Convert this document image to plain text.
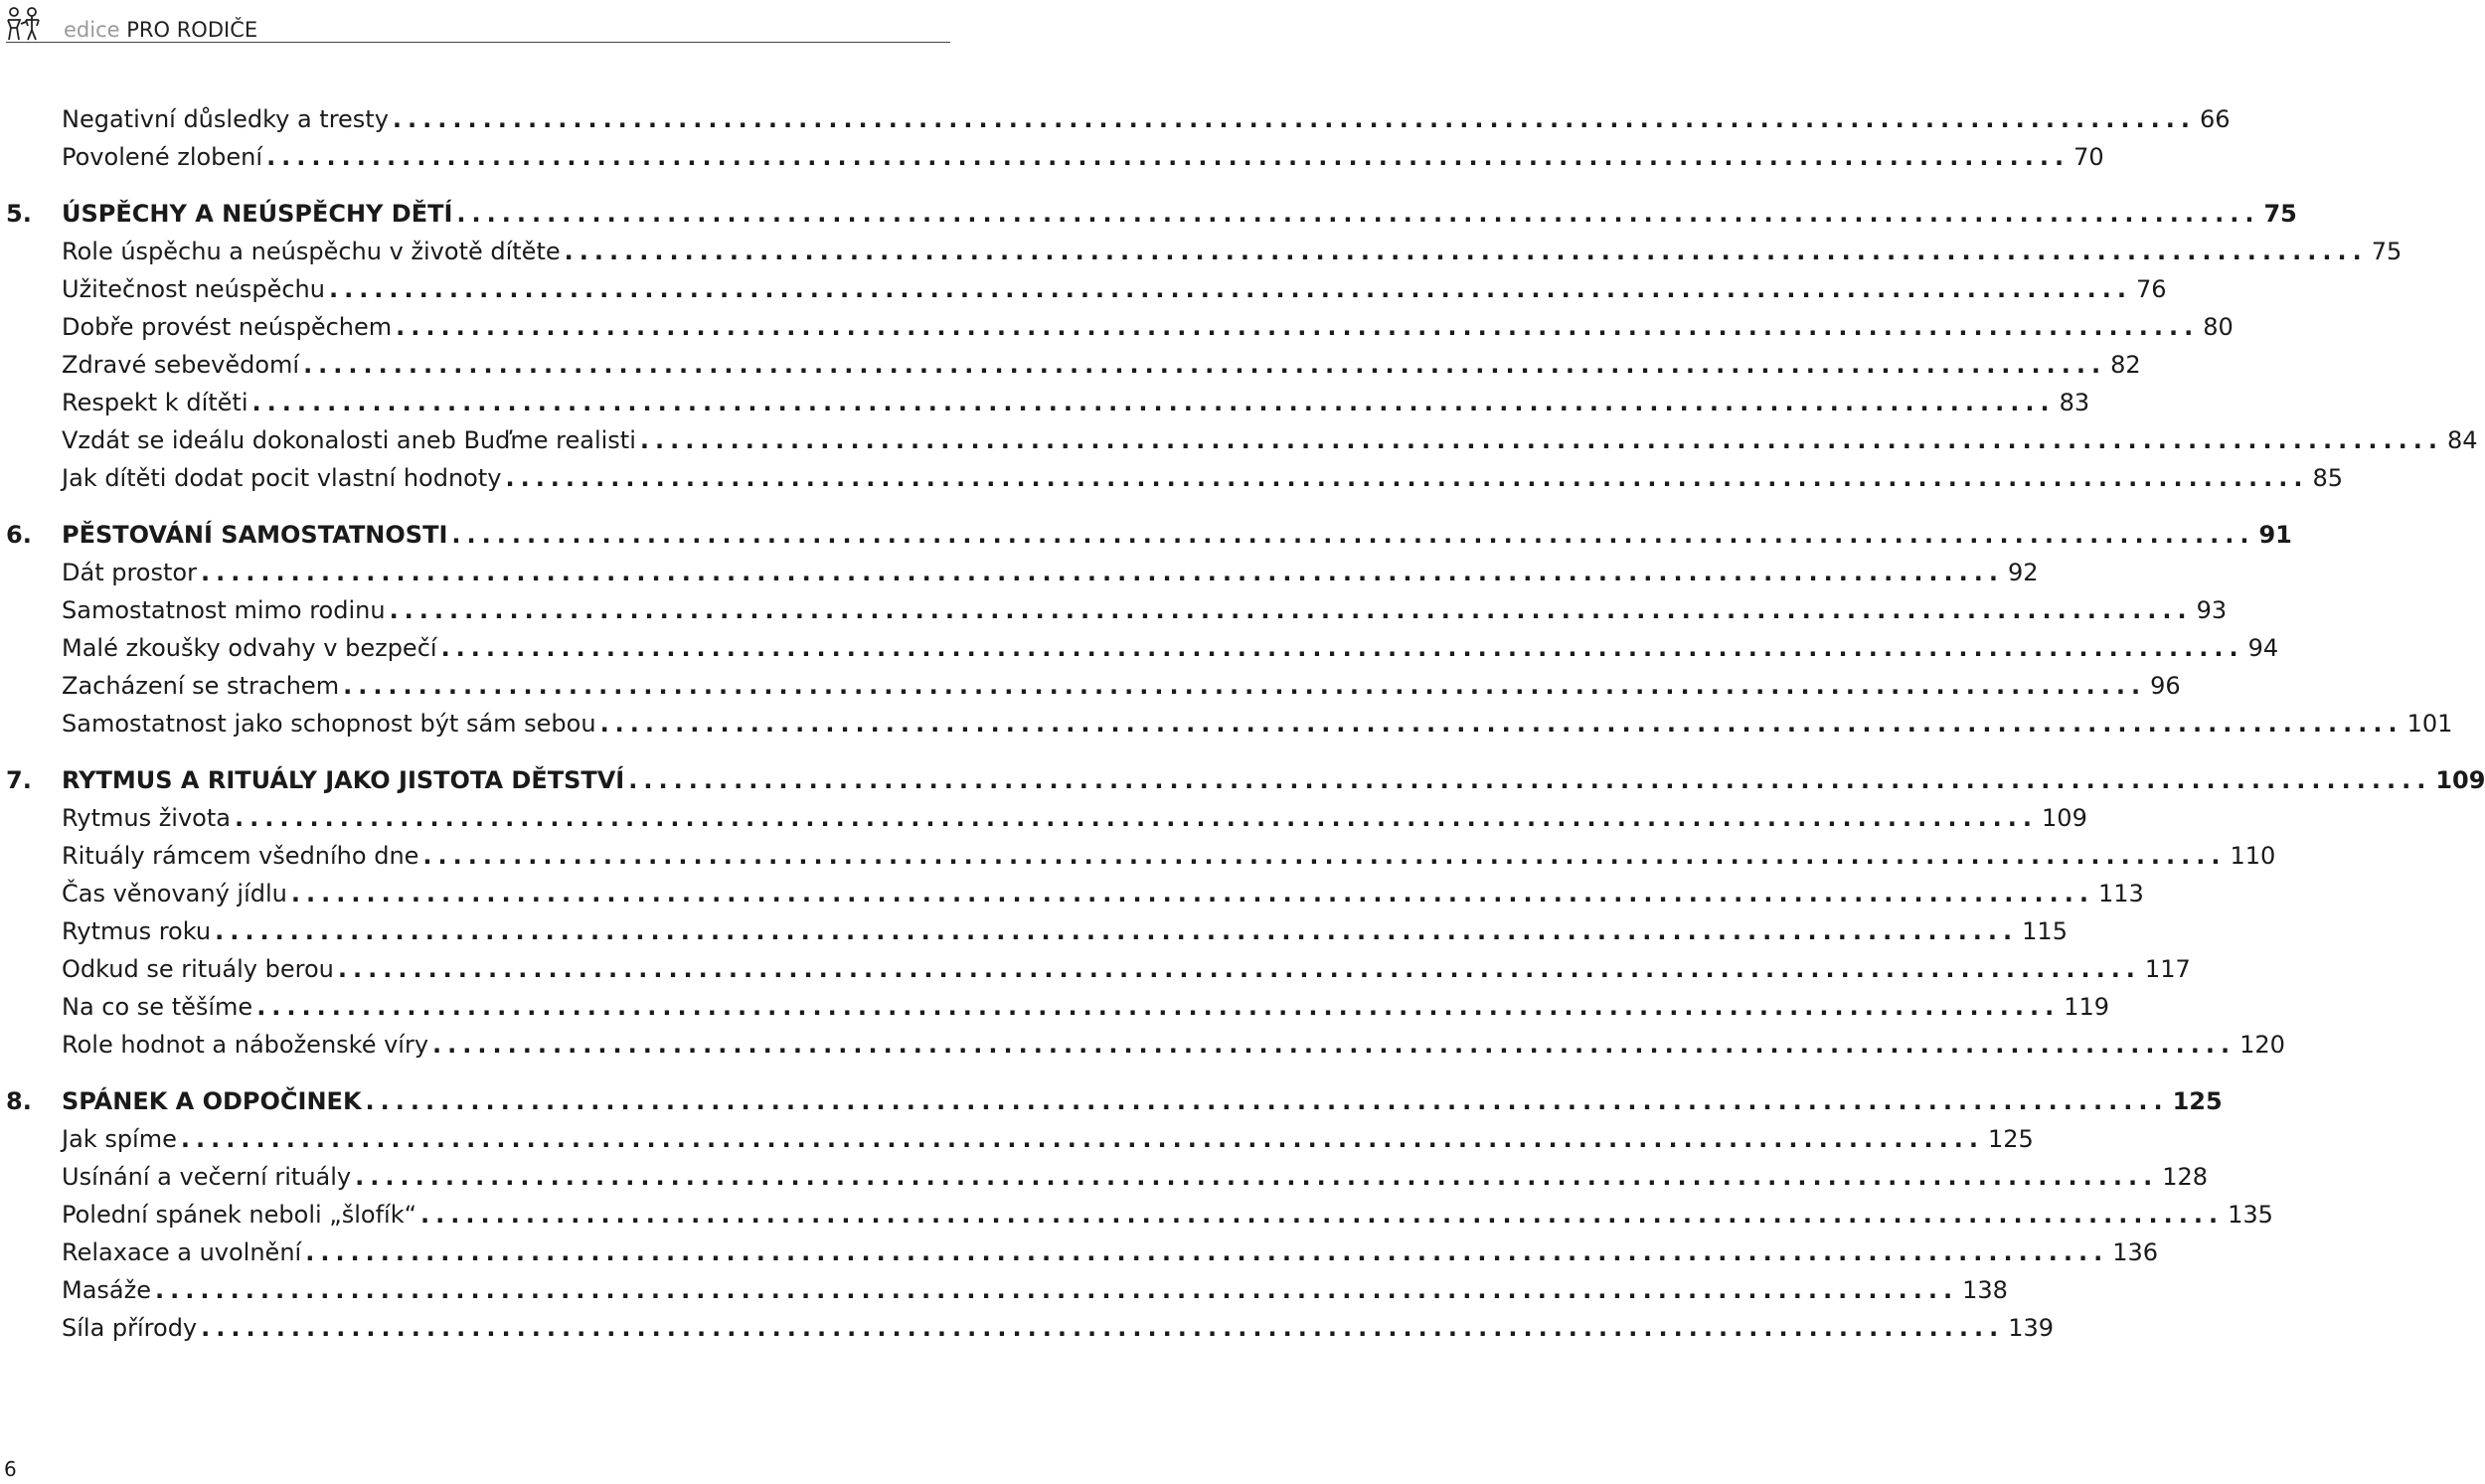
edice PRO RODIČE
Negativní důsledky a tresty ........................................................................................................................ 66
Povolené zlobení ........................................................................................................................ 70
5. ÚSPĚCHY A NEÚSPĚCHY DĚTÍ ........................................................................................................................ 75
Role úspěchu a neúspěchu v životě dítěte ........................................................................................................................ 75
Užitečnost neúspěchu ........................................................................................................................ 76
Dobře provést neúspěchem ........................................................................................................................ 80
Zdravé sebevědomí ........................................................................................................................ 82
Respekt k dítěti ........................................................................................................................ 83
Vzdát se ideálu dokonalosti aneb Buďme realisti ........................................................................................................................ 84
Jak dítěti dodat pocit vlastní hodnoty ........................................................................................................................ 85
6. PĚSTOVÁNÍ SAMOSTATNOSTI ........................................................................................................................ 91
Dát prostor ........................................................................................................................ 92
Samostatnost mimo rodinu ........................................................................................................................ 93
Malé zkoušky odvahy v bezpečí ........................................................................................................................ 94
Zacházení se strachem ........................................................................................................................ 96
Samostatnost jako schopnost být sám sebou ........................................................................................................................ 101
7. RYTMUS A RITUÁLY JAKO JISTOTA DĚTSTVÍ ........................................................................................................................ 109
Rytmus života ........................................................................................................................ 109
Rituály rámcem všedního dne ........................................................................................................................ 110
Čas věnovaný jídlu ........................................................................................................................ 113
Rytmus roku ........................................................................................................................ 115
Odkud se rituály berou ........................................................................................................................ 117
Na co se těšíme ........................................................................................................................ 119
Role hodnot a náboženské víry ........................................................................................................................ 120
8. SPÁNEK A ODPOČINEK ........................................................................................................................ 125
Jak spíme ........................................................................................................................ 125
Usínání a večerní rituály ........................................................................................................................ 128
Polední spánek neboli „šlofík“ ........................................................................................................................ 135
Relaxace a uvolnění ........................................................................................................................ 136
Masáže ........................................................................................................................ 138
Síla přírody ........................................................................................................................ 139
6
